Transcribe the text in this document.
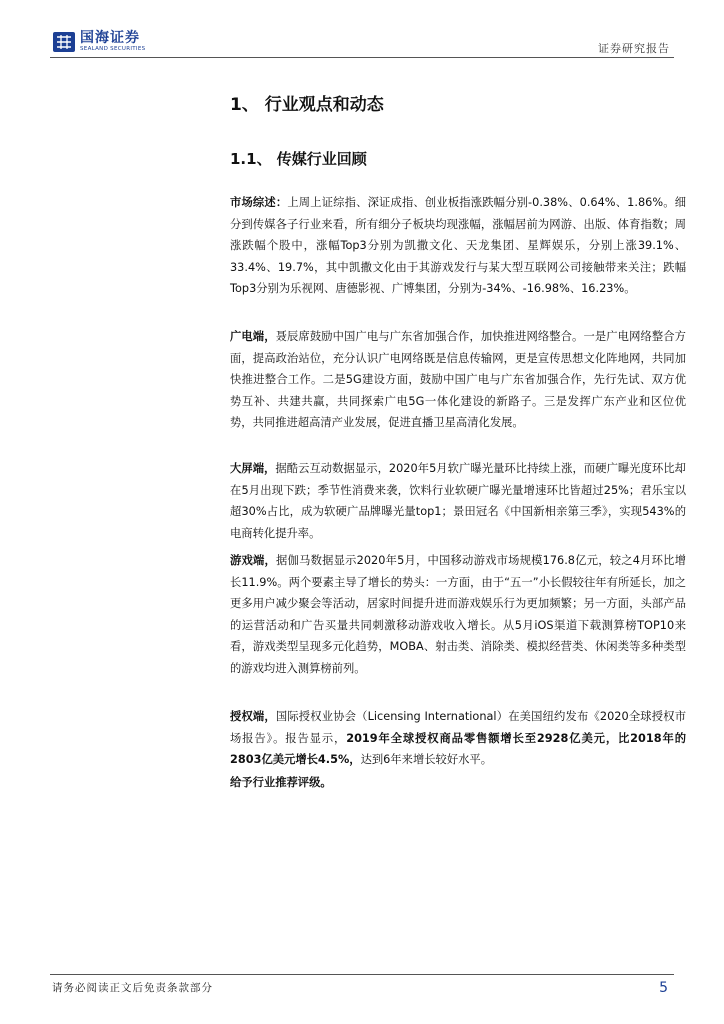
国海证券
SEALAND SECURITIES	证券研究报告
1、 行业观点和动态
1.1、 传媒行业回顾

市场综述：上周上证综指、深证成指、创业板指涨跌幅分别-0.38%、0.64%、1.86%。细分到传媒各子行业来看，所有细分子板块均现涨幅，涨幅居前为网游、出版、体育指数；周涨跌幅个股中，涨幅Top3分别为凯撒文化、天龙集团、星辉娱乐，分别上涨39.1%、33.4%、19.7%，其中凯撒文化由于其游戏发行与某大型互联网公司接触带来关注；跌幅Top3分别为乐视网、唐德影视、广博集团，分别为-34%、-16.98%、16.23%。

广电端，聂辰席鼓励中国广电与广东省加强合作，加快推进网络整合。一是广电网络整合方面，提高政治站位，充分认识广电网络既是信息传输网，更是宣传思想文化阵地网，共同加快推进整合工作。二是5G建设方面，鼓励中国广电与广东省加强合作，先行先试、双方优势互补、共建共赢，共同探索广电5G一体化建设的新路子。三是发挥广东产业和区位优势，共同推进超高清产业发展，促进直播卫星高清化发展。

大屏端，据酷云互动数据显示，2020年5月软广曝光量环比持续上涨，而硬广曝光度环比却在5月出现下跌；季节性消费来袭，饮料行业软硬广曝光量增速环比皆超过25%；君乐宝以超30%占比，成为软硬广品牌曝光量top1；景田冠名《中国新相亲第三季》，实现543%的电商转化提升率。

游戏端，据伽马数据显示2020年5月，中国移动游戏市场规模176.8亿元，较之4月环比增长11.9%。两个要素主导了增长的势头：一方面，由于“五一”小长假较往年有所延长，加之更多用户减少聚会等活动，居家时间提升进而游戏娱乐行为更加频繁；另一方面，头部产品的运营活动和广告买量共同刺激移动游戏收入增长。从5月iOS渠道下载测算榜TOP10来看，游戏类型呈现多元化趋势，MOBA、射击类、消除类、模拟经营类、休闲类等多种类型的游戏均进入测算榜前列。

授权端，国际授权业协会（Licensing International）在美国纽约发布《2020全球授权市场报告》。报告显示，2019年全球授权商品零售额增长至2928亿美元，比2018年的2803亿美元增长4.5%，达到6年来增长较好水平。

给予行业推荐评级。

请务必阅读正文后免责条款部分	5
